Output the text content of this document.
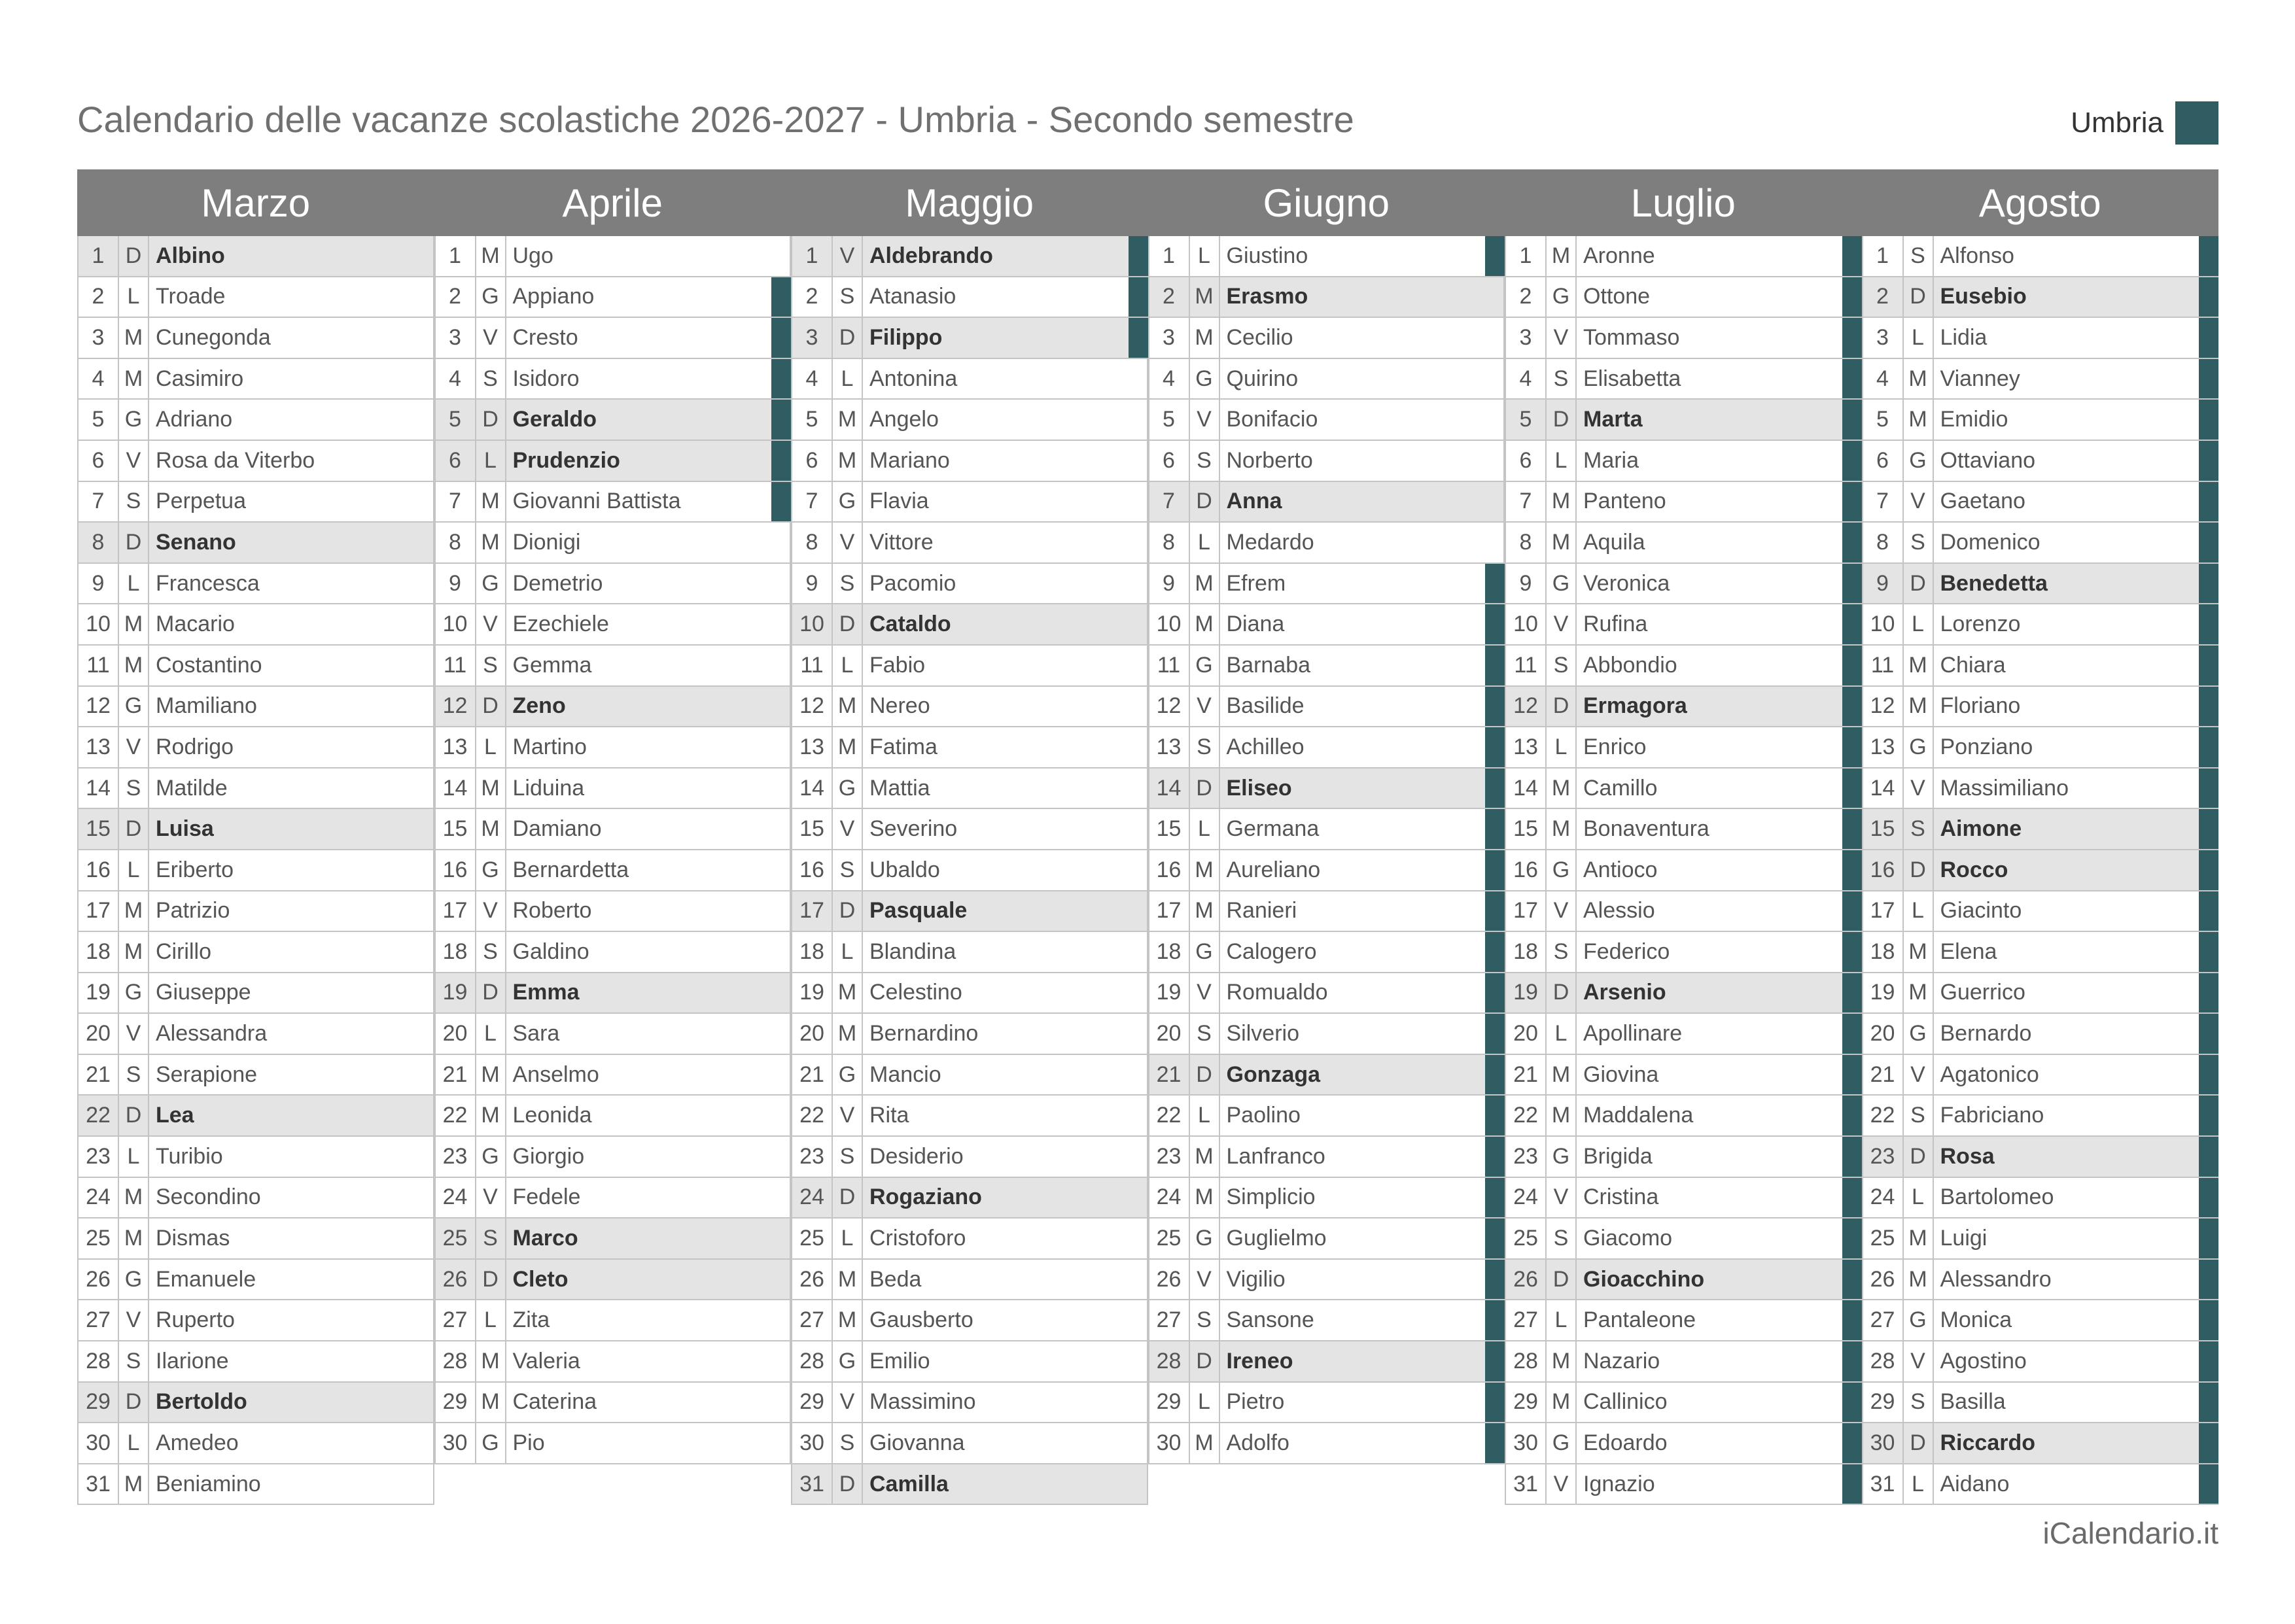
Calendario delle vacanze scolastiche 2026-2027 - Umbria - Secondo semestre	Umbria
Marzo	Aprile	Maggio	Giugno	Luglio	Agosto
1 D Albino
2	L Troade
3 M Cunegonda
4 M Casimiro
5 G Adriano
6 V Rosa da Viterbo
7 S Perpetua
8 D Senano
9	L Francesca
10 M Macario
11 M Costantino
12 G Mamiliano
13 V Rodrigo
14 S Matilde
15 D Luisa
16 L Eriberto
17 M Patrizio
18 M Cirillo
19 G Giuseppe
20 V Alessandra
21 S Serapione
22 D Lea
23 L Turibio
24 M Secondino
25 M Dismas
26 G Emanuele
27 V Ruperto
28 S Ilarione
29 D Bertoldo
30 L Amedeo
31 M Beniamino
1 M Ugo
2 G Appiano
3 V Cresto
4 S Isidoro
5 D Geraldo
6	L Prudenzio
7 M Giovanni Battista
8 M Dionigi
9 G Demetrio
10 V Ezechiele
11 S Gemma
12 D Zeno
13 L Martino
14 M Liduina
15 M Damiano
16 G Bernardetta
17 V Roberto
18 S Galdino
19 D Emma
20 L Sara
21 M Anselmo
22 M Leonida
23 G Giorgio
24 V Fedele
25 S Marco
26 D Cleto
27 L Zita
28 M Valeria
29 M Caterina
30 G Pio
1 V Aldebrando
2 S Atanasio
3 D Filippo
4	L Antonina
5 M Angelo
6 M Mariano
7 G Flavia
8 V Vittore
9 S Pacomio
10 D Cataldo
11 L Fabio
12 M Nereo
13 M Fatima
14 G Mattia
15 V Severino
16 S Ubaldo
17 D Pasquale
18 L Blandina
19 M Celestino
20 M Bernardino
21 G Mancio
22 V Rita
23 S Desiderio
24 D Rogaziano
25 L Cristoforo
26 M Beda
27 M Gausberto
28 G Emilio
29 V Massimino
30 S Giovanna
31 D Camilla
1	L Giustino
2 M Erasmo
3 M Cecilio
4 G Quirino
5 V Bonifacio
6 S Norberto
7 D Anna
8	L Medardo
9 M Efrem
10 M Diana
11 G Barnaba
12 V Basilide
13 S Achilleo
14 D Eliseo
15 L Germana
16 M Aureliano
17 M Ranieri
18 G Calogero
19 V Romualdo
20 S Silverio
21 D Gonzaga
22 L Paolino
23 M Lanfranco
24 M Simplicio
25 G Guglielmo
26 V Vigilio
27 S Sansone
28 D Ireneo
29 L Pietro
30 M Adolfo
1 M Aronne
2 G Ottone
3 V Tommaso
4 S Elisabetta
5 D Marta
6	L Maria
7 M Panteno
8 M Aquila
9 G Veronica
10 V Rufina
11 S Abbondio
12 D Ermagora
13 L Enrico
14 M Camillo
15 M Bonaventura
16 G Antioco
17 V Alessio
18 S Federico
19 D Arsenio
20 L Apollinare
21 M Giovina
22 M Maddalena
23 G Brigida
24 V Cristina
25 S Giacomo
26 D Gioacchino
27 L Pantaleone
28 M Nazario
29 M Callinico
30 G Edoardo
31 V Ignazio
1 S Alfonso
2 D Eusebio
3	L Lidia
4 M Vianney
5 M Emidio
6 G Ottaviano
7 V Gaetano
8 S Domenico
9 D Benedetta
10 L Lorenzo
11 M Chiara
12 M Floriano
13 G Ponziano
14 V Massimiliano
15 S Aimone
16 D Rocco
17 L Giacinto
18 M Elena
19 M Guerrico
20 G Bernardo
21 V Agatonico
22 S Fabriciano
23 D Rosa
24 L Bartolomeo
25 M Luigi
26 M Alessandro
27 G Monica
28 V Agostino
29 S Basilla
30 D Riccardo
31 L Aidano
iCalendario.it
